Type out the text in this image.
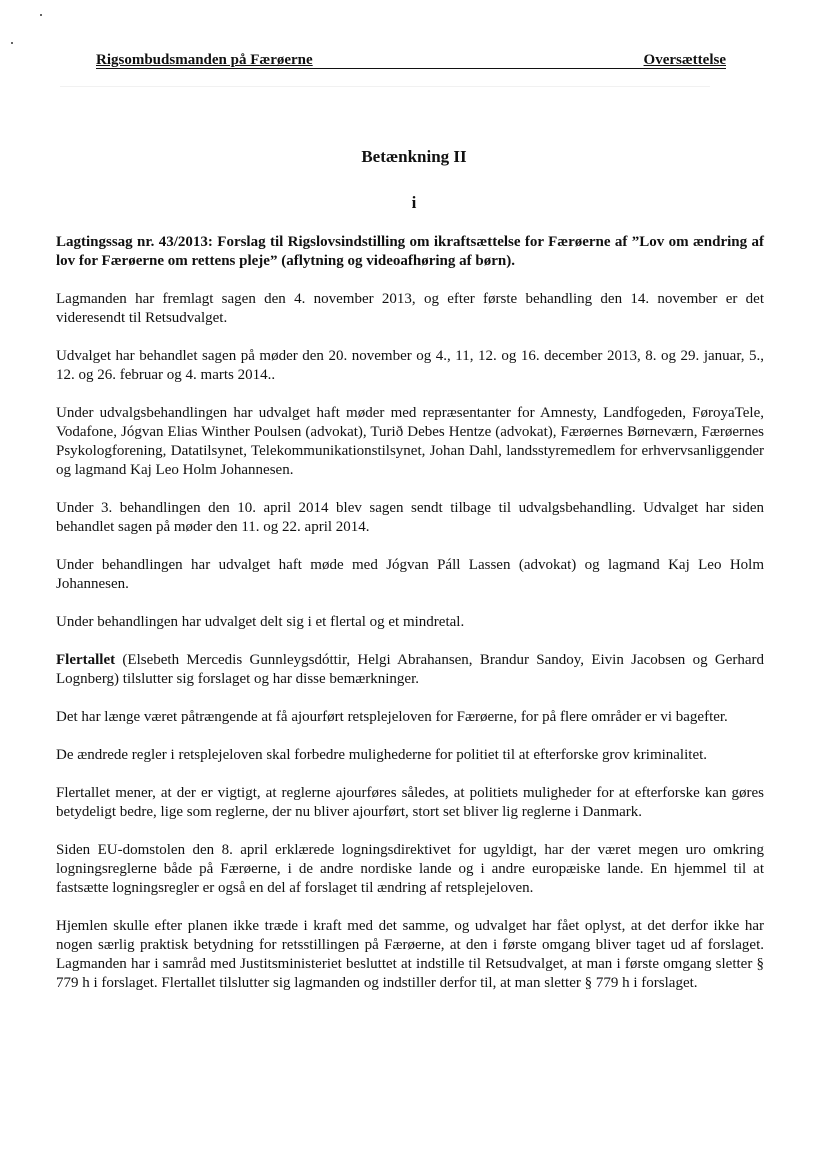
Rigsombudsmanden på Færøerne	Oversættelse
Betænkning II
i

Lagtingssag nr. 43/2013: Forslag til Rigslovsindstilling om ikraftsættelse for Færøerne af ”Lov om ændring af lov for Færøerne om rettens pleje” (aflytning og videoafhøring af børn).

Lagmanden har fremlagt sagen den 4. november 2013, og efter første behandling den 14. november er det videresendt til Retsudvalget.

Udvalget har behandlet sagen på møder den 20. november og 4., 11, 12. og 16. december 2013, 8. og 29. januar, 5., 12. og 26. februar og 4. marts 2014..

Under udvalgsbehandlingen har udvalget haft møder med repræsentanter for Amnesty, Landfogeden, FøroyaTele, Vodafone, Jógvan Elias Winther Poulsen (advokat), Turið Debes Hentze (advokat), Færøernes Børneværn, Færøernes Psykologforening, Datatilsynet, Telekommunikationstilsynet, Johan Dahl, landsstyremedlem for erhvervsanliggender og lagmand Kaj Leo Holm Johannesen.

Under 3. behandlingen den 10. april 2014 blev sagen sendt tilbage til udvalgsbehandling. Udvalget har siden behandlet sagen på møder den 11. og 22. april 2014.

Under behandlingen har udvalget haft møde med Jógvan Páll Lassen (advokat) og lagmand Kaj Leo Holm Johannesen.

Under behandlingen har udvalget delt sig i et flertal og et mindretal.

Flertallet (Elsebeth Mercedis Gunnleygsdóttir, Helgi Abrahansen, Brandur Sandoy, Eivin Jacobsen og Gerhard Lognberg) tilslutter sig forslaget og har disse bemærkninger.

Det har længe været påtrængende at få ajourført retsplejeloven for Færøerne, for på flere områder er vi bagefter.

De ændrede regler i retsplejeloven skal forbedre mulighederne for politiet til at efterforske grov kriminalitet.

Flertallet mener, at der er vigtigt, at reglerne ajourføres således, at politiets muligheder for at efterforske kan gøres betydeligt bedre, lige som reglerne, der nu bliver ajourført, stort set bliver lig reglerne i Danmark.

Siden EU-domstolen den 8. april erklærede logningsdirektivet for ugyldigt, har der været megen uro omkring logningsreglerne både på Færøerne, i de andre nordiske lande og i andre europæiske lande. En hjemmel til at fastsætte logningsregler er også en del af forslaget til ændring af retsplejeloven.

Hjemlen skulle efter planen ikke træde i kraft med det samme, og udvalget har fået oplyst, at det derfor ikke har nogen særlig praktisk betydning for retsstillingen på Færøerne, at den i første omgang bliver taget ud af forslaget. Lagmanden har i samråd med Justitsministeriet besluttet at indstille til Retsudvalget, at man i første omgang sletter § 779 h i forslaget. Flertallet tilslutter sig lagmanden og indstiller derfor til, at man sletter § 779 h i forslaget.
